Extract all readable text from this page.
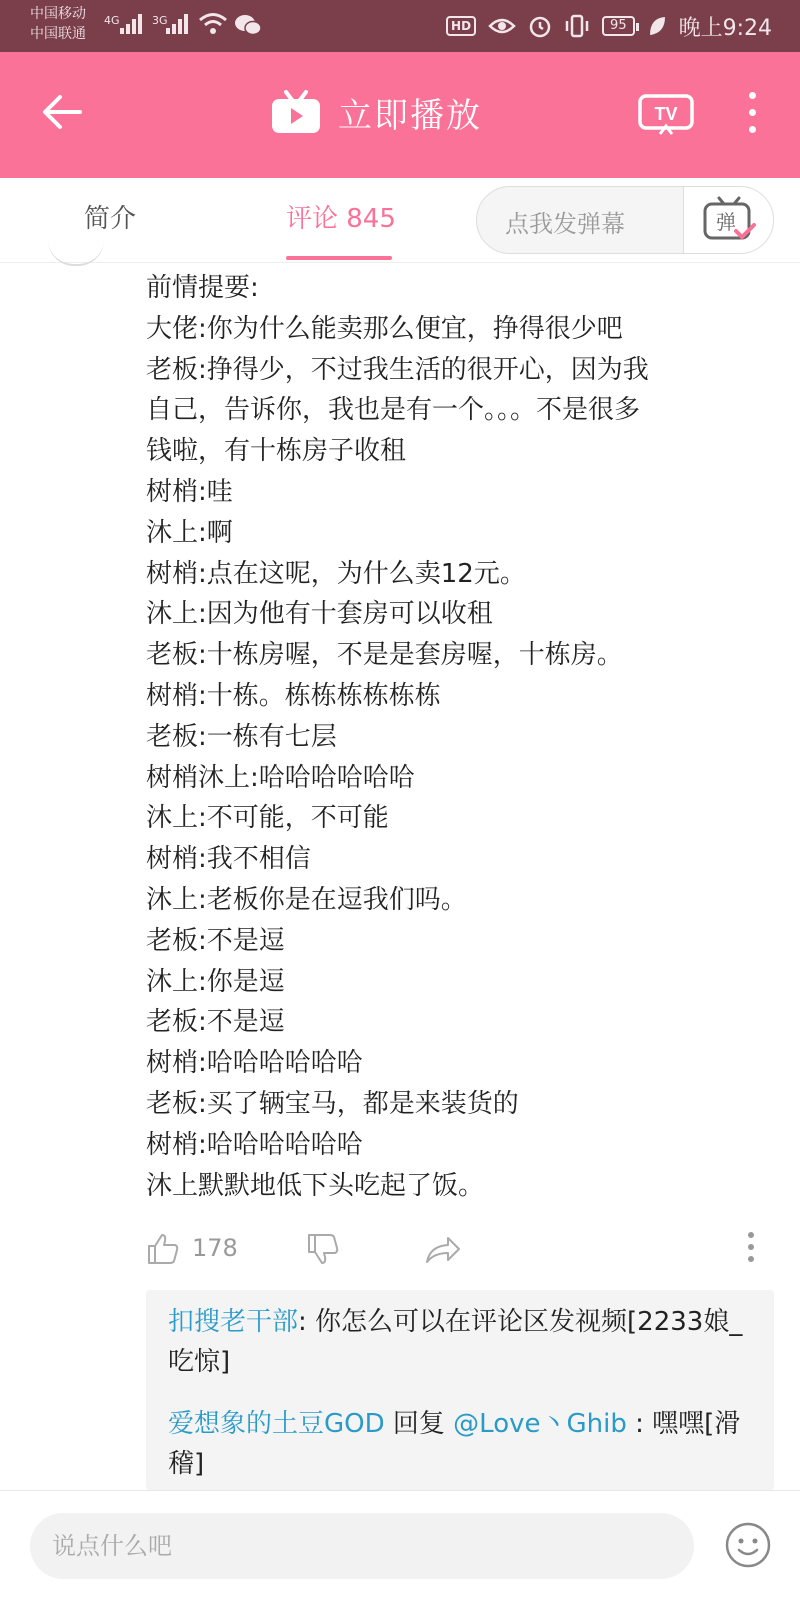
中国移动
中国联通
4G	3G	HD	95	晚上9:24
立即播放	TV
简介	评论 845	点我发弹幕	弹
前情提要:
大佬:你为什么能卖那么便宜，挣得很少吧
老板:挣得少，不过我生活的很开心，因为我
自己，告诉你，我也是有一个。。。不是很多
钱啦，有十栋房子收租
树梢:哇
沐上:啊
树梢:点在这呢，为什么卖12元。
沐上:因为他有十套房可以收租
老板:十栋房喔，不是是套房喔，十栋房。
树梢:十栋。栋栋栋栋栋栋
老板:一栋有七层
树梢沐上:哈哈哈哈哈哈
沐上:不可能，不可能
树梢:我不相信
沐上:老板你是在逗我们吗。
老板:不是逗
沐上:你是逗
老板:不是逗
树梢:哈哈哈哈哈哈
老板:买了辆宝马，都是来装货的
树梢:哈哈哈哈哈哈
沐上默默地低下头吃起了饭。
178
扣搜老干部: 你怎么可以在评论区发视频[2233娘_吃惊]
爱想象的土豆GOD 回复 @Love丶Ghib : 嘿嘿[滑稽]
说点什么吧
